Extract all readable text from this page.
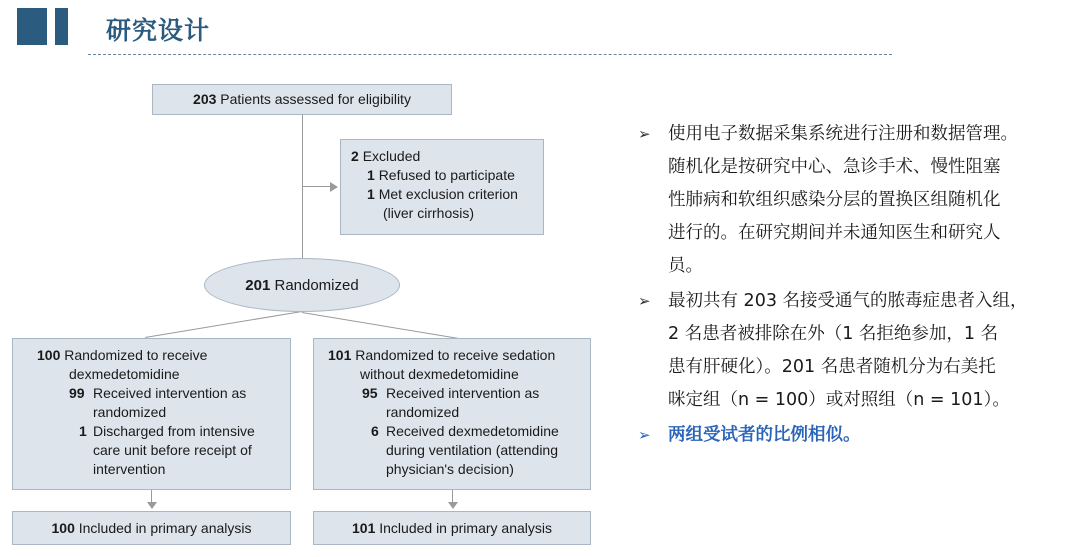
研究设计
203 Patients assessed for eligibility
2 Excluded
1 Refused to participate
1 Met exclusion criterion
(liver cirrhosis)
201
Randomized
100 Randomized to receive
dexmedetomidine
99 Received intervention as
randomized
1 Discharged from intensive
care unit before receipt of
intervention
101 Randomized to receive sedation
without dexmedetomidine
95 Received intervention as
randomized
6 Received dexmedetomidine
during ventilation (attending
physician's decision)
100 Included in primary analysis	101 Included in primary analysis
➢ 使用电子数据采集系统进行注册和数据管理。
随机化是按研究中心、急诊手术、慢性阻塞
性肺病和软组织感染分层的置换区组随机化
进行的。在研究期间并未通知医生和研究人
员。
➢ 最初共有 203 名接受通气的脓毒症患者入组，
2 名患者被排除在外（1 名拒绝参加，1 名
患有肝硬化）。201 名患者随机分为右美托
咪定组（n = 100）或对照组（n = 101）。
➢ 两组受试者的比例相似。
